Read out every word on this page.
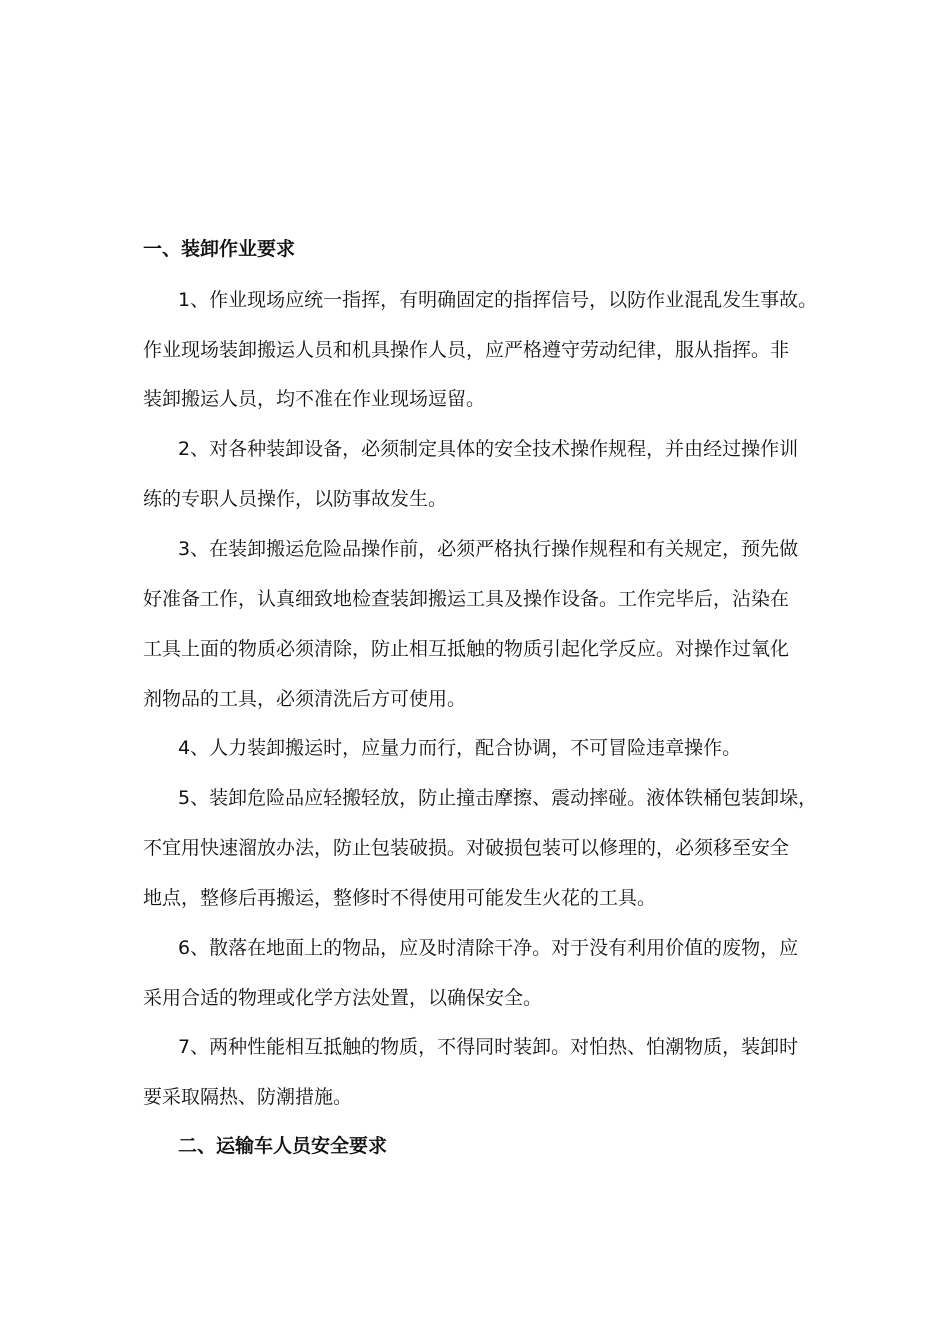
一、装卸作业要求
1、作业现场应统一指挥，有明确固定的指挥信号，以防作业混乱发生事故。
作业现场装卸搬运人员和机具操作人员，应严格遵守劳动纪律，服从指挥。非
装卸搬运人员，均不准在作业现场逗留。
2、对各种装卸设备，必须制定具体的安全技术操作规程，并由经过操作训
练的专职人员操作，以防事故发生。
3、在装卸搬运危险品操作前，必须严格执行操作规程和有关规定，预先做
好准备工作，认真细致地检查装卸搬运工具及操作设备。工作完毕后，沾染在
工具上面的物质必须清除，防止相互抵触的物质引起化学反应。对操作过氧化
剂物品的工具，必须清洗后方可使用。
4、人力装卸搬运时，应量力而行，配合协调，不可冒险违章操作。
5、装卸危险品应轻搬轻放，防止撞击摩擦、震动摔碰。液体铁桶包装卸垛，
不宜用快速溜放办法，防止包装破损。对破损包装可以修理的，必须移至安全
地点，整修后再搬运，整修时不得使用可能发生火花的工具。
6、散落在地面上的物品，应及时清除干净。对于没有利用价值的废物，应
采用合适的物理或化学方法处置，以确保安全。
7、两种性能相互抵触的物质，不得同时装卸。对怕热、怕潮物质，装卸时
要采取隔热、防潮措施。
二、运输车人员安全要求
